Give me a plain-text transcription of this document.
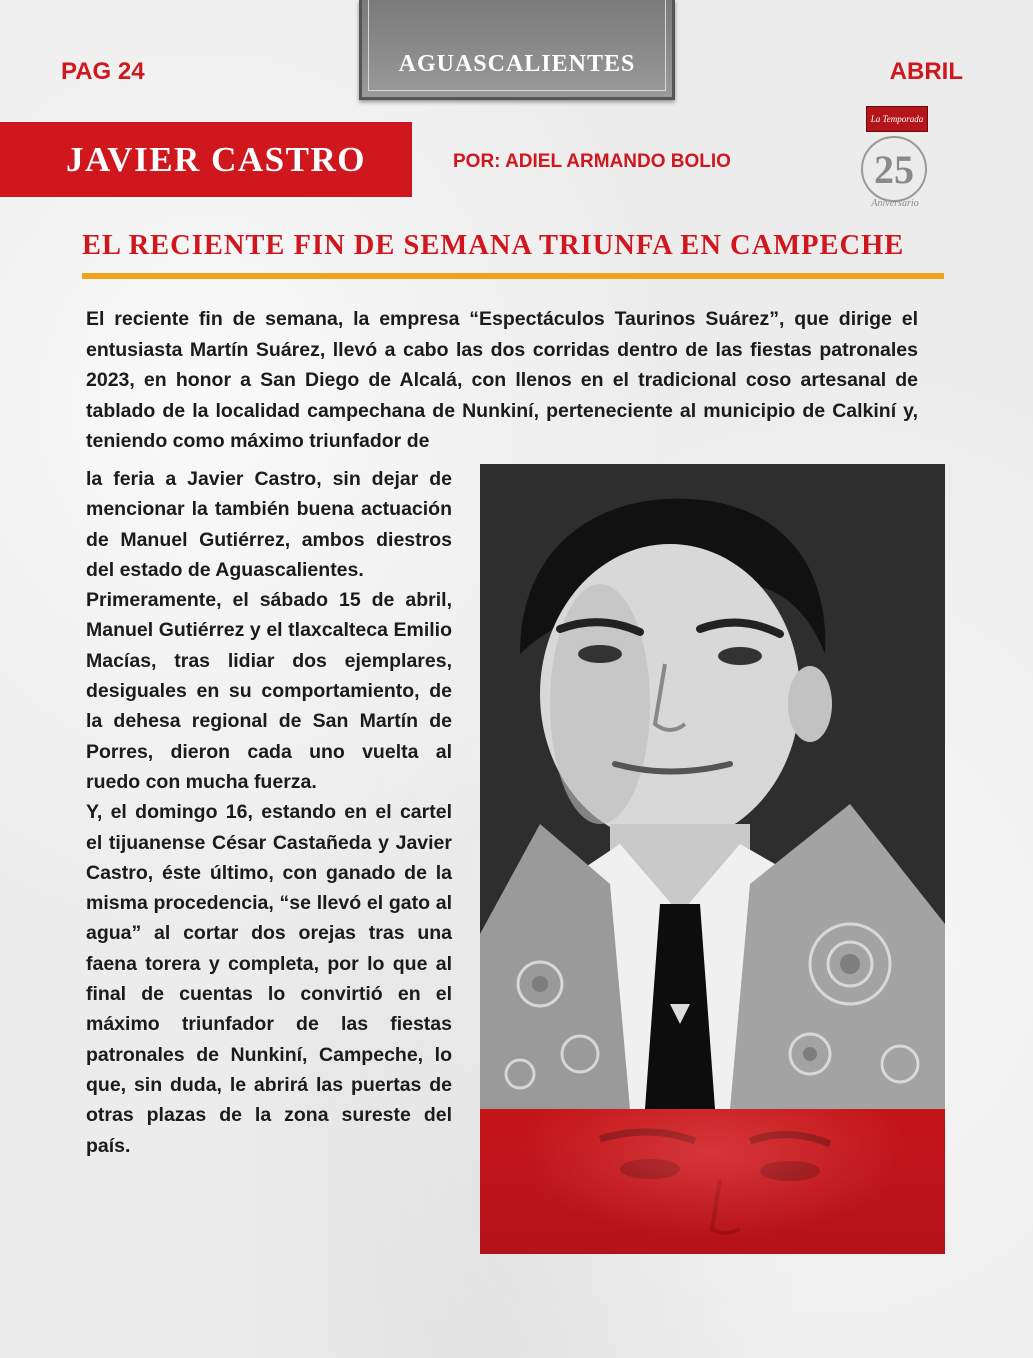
PAG 24	AGUASCALIENTES	ABRIL
JAVIER CASTRO	POR: ADIEL ARMANDO BOLIO
La Temporada
25
Aniversario
EL RECIENTE FIN DE SEMANA TRIUNFA EN CAMPECHE
El reciente fin de semana, la empresa “Espectáculos Taurinos Suárez”, que dirige el entusiasta Martín Suárez, llevó a cabo las dos corridas dentro de las fiestas patronales 2023, en honor a San Diego de Alcalá, con llenos en el tradicional coso artesanal de tablado de la localidad campechana de Nunkiní, perteneciente al municipio de Calkiní y, teniendo como máximo triunfador de

la feria a Javier Castro, sin dejar de mencionar la también buena actuación de Manuel Gutiérrez, ambos diestros del estado de Aguascalientes.

Primeramente, el sábado 15 de abril, Manuel Gutiérrez y el tlaxcalteca Emilio Macías, tras lidiar dos ejemplares, desiguales en su comportamiento, de la dehesa regional de San Martín de Porres, dieron cada uno vuelta al ruedo con mucha fuerza.

Y, el domingo 16, estando en el cartel el tijuanense César Castañeda y Javier Castro, éste último, con ganado de la misma procedencia, “se llevó el gato al agua” al cortar dos orejas tras una faena torera y completa, por lo que al final de cuentas lo convirtió en el máximo triunfador de las fiestas patronales de Nunkiní, Campeche, lo que, sin duda, le abrirá las puertas de otras plazas de la zona sureste del país.
